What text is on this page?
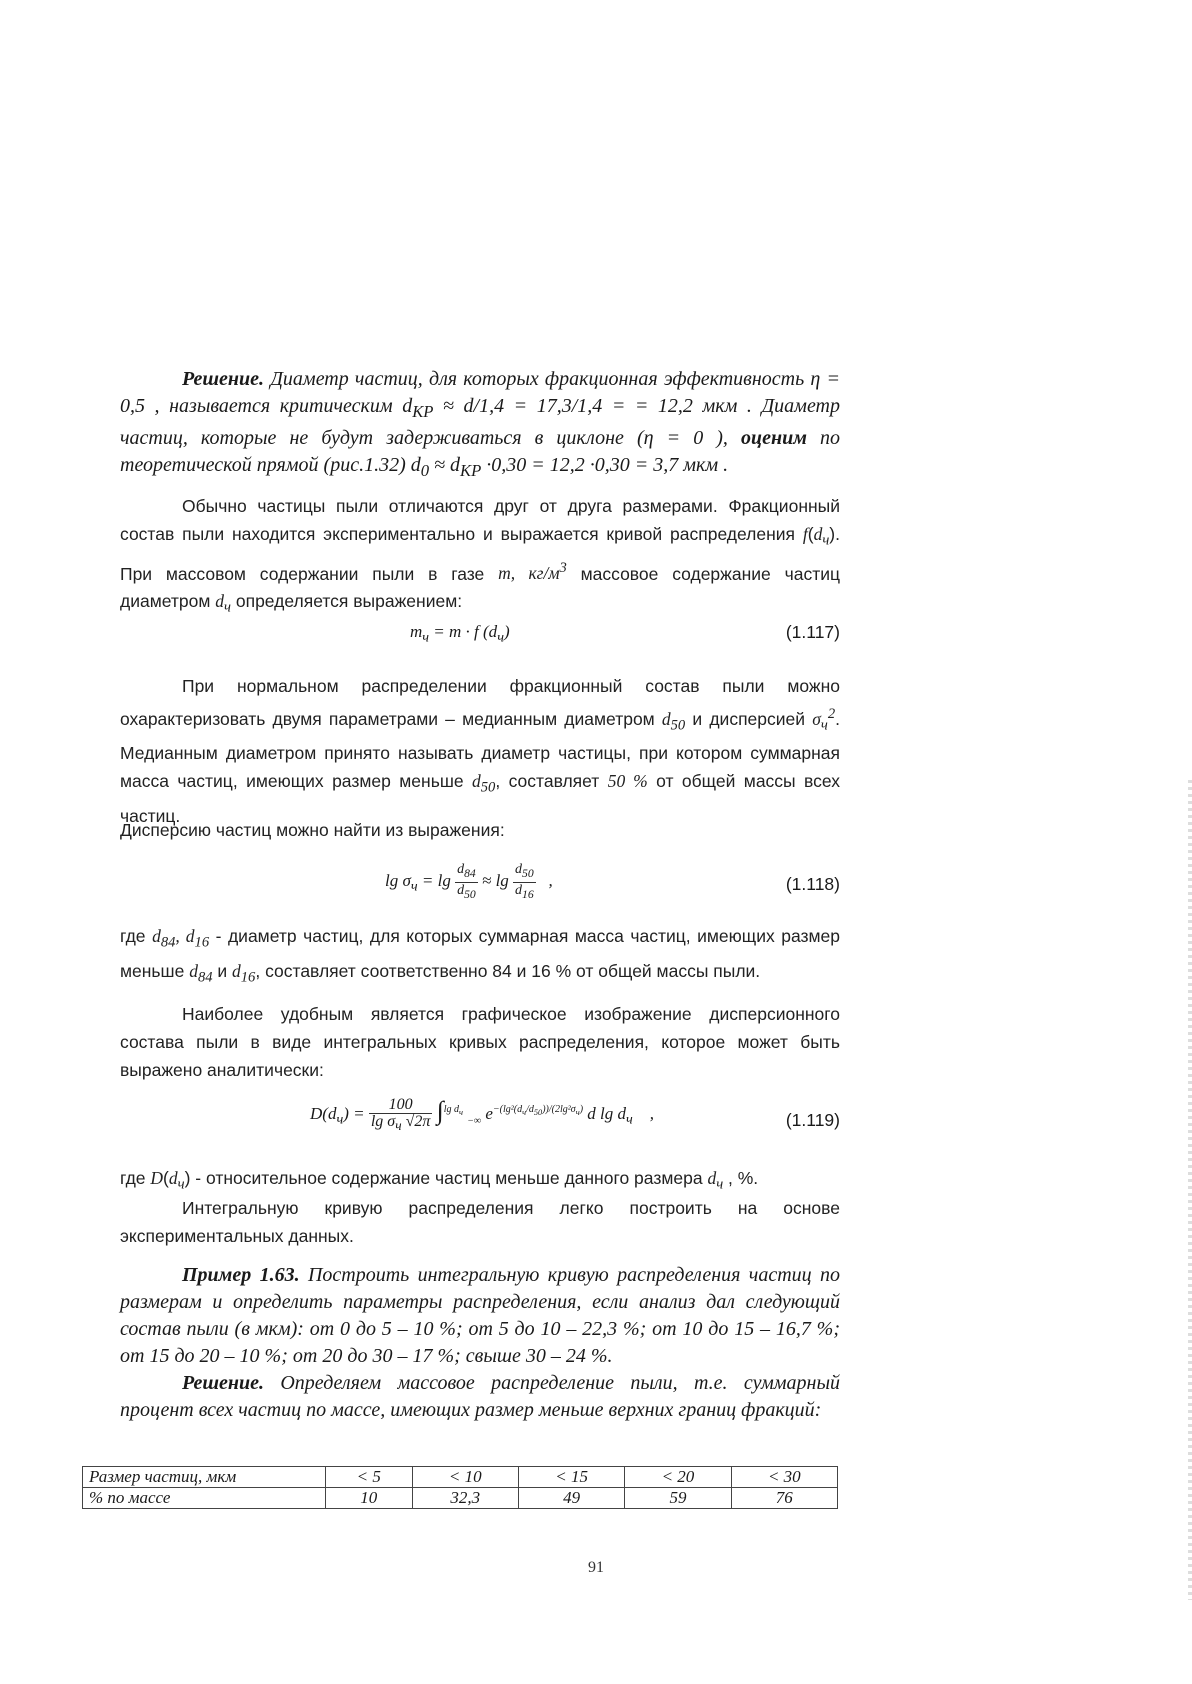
Решение. Диаметр частиц, для которых фракционная эффективность η = 0,5 , называется критическим $d_{КР} \approx d/1,4 = 17,3/1,4$ = = 12,2 мкм . Диаметр частиц, которые не будут задерживаться в циклоне (η = 0 ), оценим по теоретической прямой (рис.1.32) $d_0 \approx d_{КР} \cdot 0,30 = 12,2 \cdot 0,30 = 3,7$ мкм .

Обычно частицы пыли отличаются друг от друга размерами. Фракционный состав пыли находится экспериментально и выражается кривой распределения $f(d_ч)$. При массовом содержании пыли в газе m, $кг/м^3$ массовое содержание частиц диаметром $d_ч$ определяется выражением:

$m_ч = m \cdot f$ $(d_ч)$	(1.117)

При нормальном распределении фракционный состав пыли можно охарактеризовать двумя параметрами – медианным диаметром $d_{50}$ и дисперсией $\sigma_ч^2$. Медианным диаметром принято называть диаметр частицы, при котором суммарная масса частиц, имеющих размер меньше $d_{50}$, составляет 50 % от общей массы всех частиц.

Дисперсию частиц можно найти из выражения:

$\lg \sigma_ч = \lg \frac{d_{84}}{d_{50}} \approx \lg \frac{d_{50}}{d_{16}}$ ,	(1.118)

где $d_{84}$, $d_{16}$ - диаметр частиц, для которых суммарная масса частиц, имеющих размер меньше $d_{84}$ и $d_{16}$, составляет соответственно 84 и 16 % от общей массы пыли.

Наиболее удобным является графическое изображение дисперсионного состава пыли в виде интегральных кривых распределения, которое может быть выражено аналитически:

$D(d_ч) = \frac{100}{\lg \sigma_ч √2\pi} \int^{lg d_ч}$ $_{-\infty}$ $e^{-(lg^2(d_ч/d_{50}))/(2lg^2\sigma_ч)}$ d $\lg d_ч$    ,	(1.119)

где $D(d_ч)$ - относительное содержание частиц меньше данного размера $d_ч$ , %.

Интегральную кривую распределения легко построить на основе экспериментальных данных.

Пример 1.63. Построить интегральную кривую распределения частиц по размерам и определить параметры распределения, если анализ дал следующий состав пыли (в мкм): от 0 до 5 – 10 %; от 5 до 10 – 22,3 %; от 10 до 15 – 16,7 %; от 15 до 20 – 10 %; от 20 до 30 – 17 %; свыше 30 – 24 %.

Решение. Определяем массовое распределение пыли, т.е. суммарный процент всех частиц по массе, имеющих размер меньше верхних границ фракций:

Размер частиц, мкм	< 5	< 10	< 15	< 20	< 30
% по массе	10	32,3	49	59	76
91
